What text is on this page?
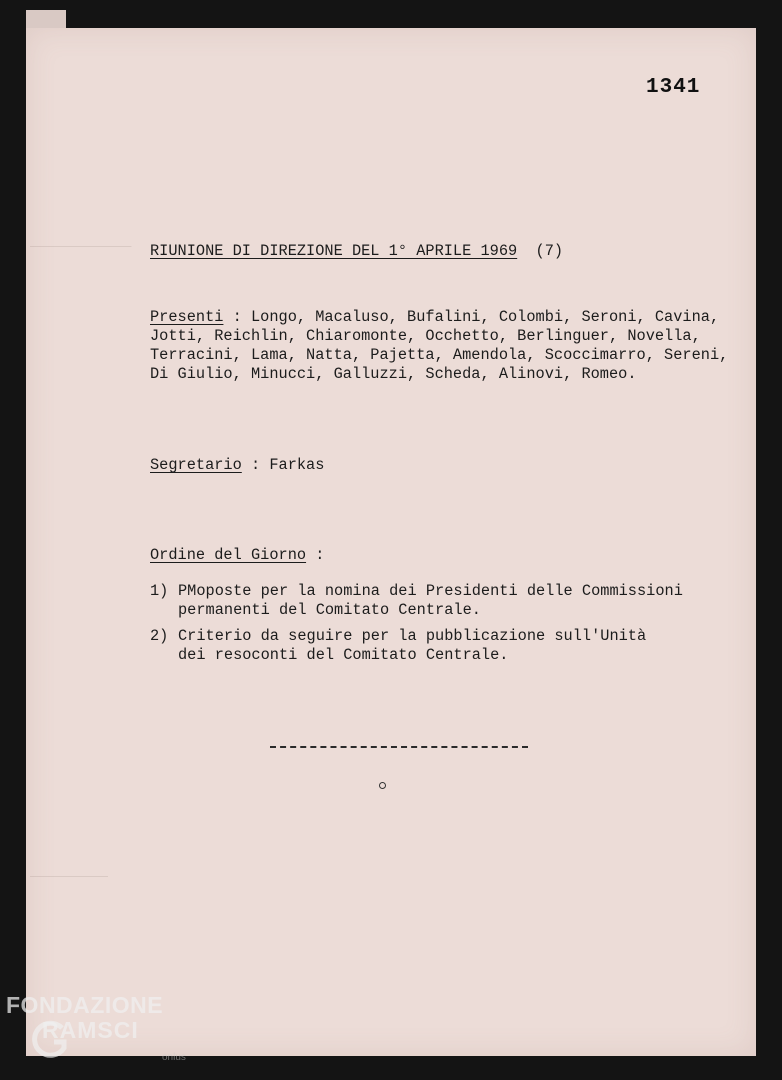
1341
RIUNIONE DI DIREZIONE DEL 1° APRILE 1969 (7)
Presenti : Longo, Macaluso, Bufalini, Colombi, Seroni, Cavina,
Jotti, Reichlin, Chiaromonte, Occhetto, Berlinguer, Novella,
Terracini, Lama, Natta, Pajetta, Amendola, Scoccimarro, Sereni,
Di Giulio, Minucci, Galluzzi, Scheda, Alinovi, Romeo.
Segretario : Farkas
Ordine del Giorno :
1) PMoposte per la nomina dei Presidenti delle Commissioni
permanenti del Comitato Centrale.
2) Criterio da seguire per la pubblicazione sull'Unità
dei resoconti del Comitato Centrale.
FONDAZIONE
RAMSCI
onlus
